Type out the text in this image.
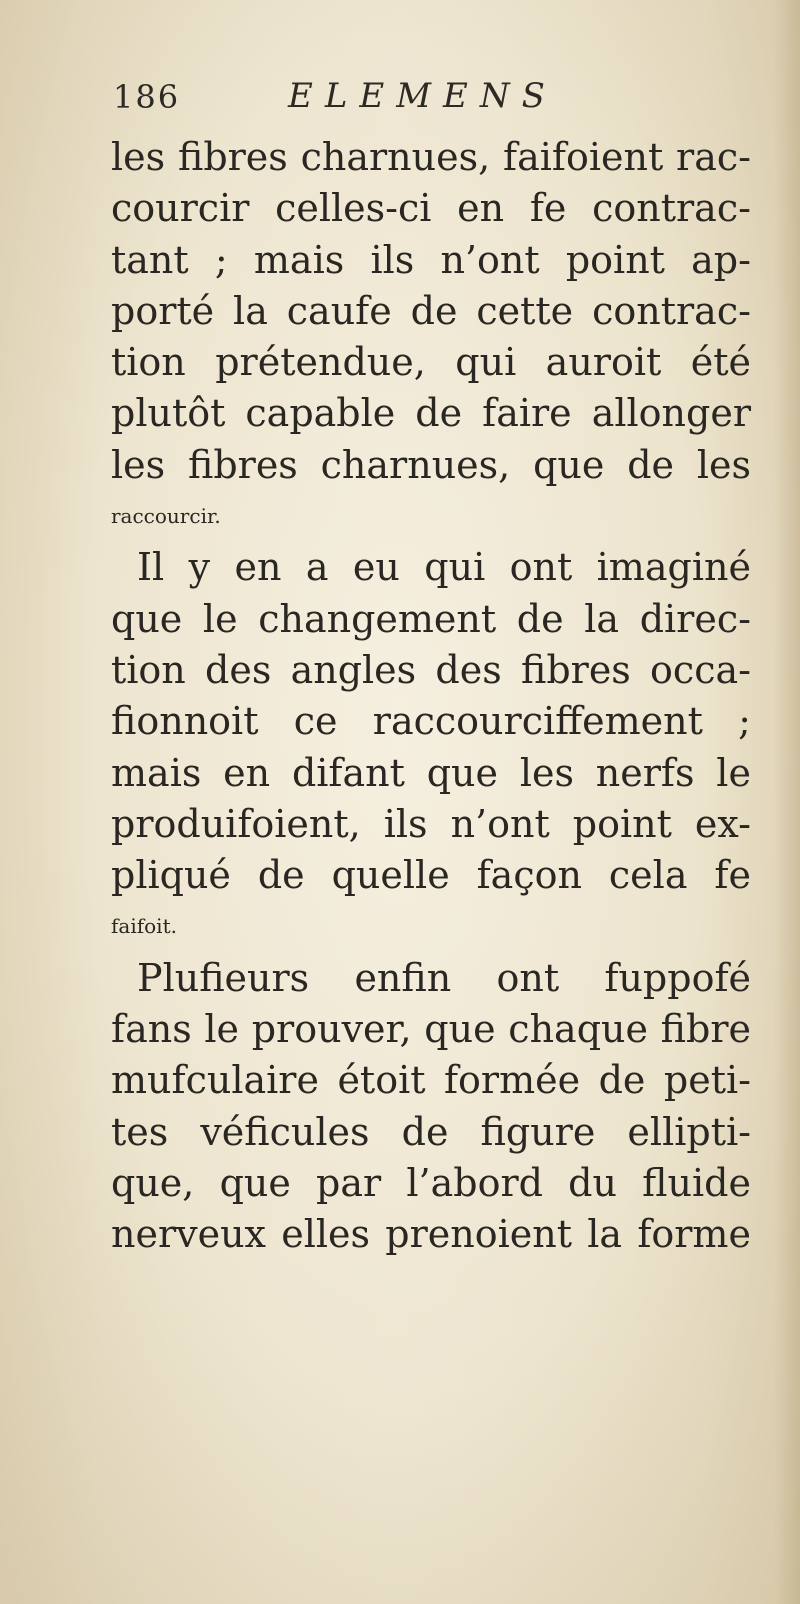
186	ELEMENS
les fibres charnues, faifoient rac-
courcir celles-ci en fe contrac-
tant ; mais ils n’ont point ap-
porté la caufe de cette contrac-
tion prétendue, qui auroit été
plutôt capable de faire allonger
les fibres charnues, que de les
raccourcir.
Il y en a eu qui ont imaginé
que le changement de la direc-
tion des angles des fibres occa-
fionnoit ce raccourciffement ;
mais en difant que les nerfs le
produifoient, ils n’ont point ex-
pliqué de quelle façon cela fe
faifoit.
Plufieurs enfin ont fuppofé
fans le prouver, que chaque fibre
mufculaire étoit formée de peti-
tes véficules de figure ellipti-
que, que par l’abord du fluide
nerveux elles prenoient la forme
